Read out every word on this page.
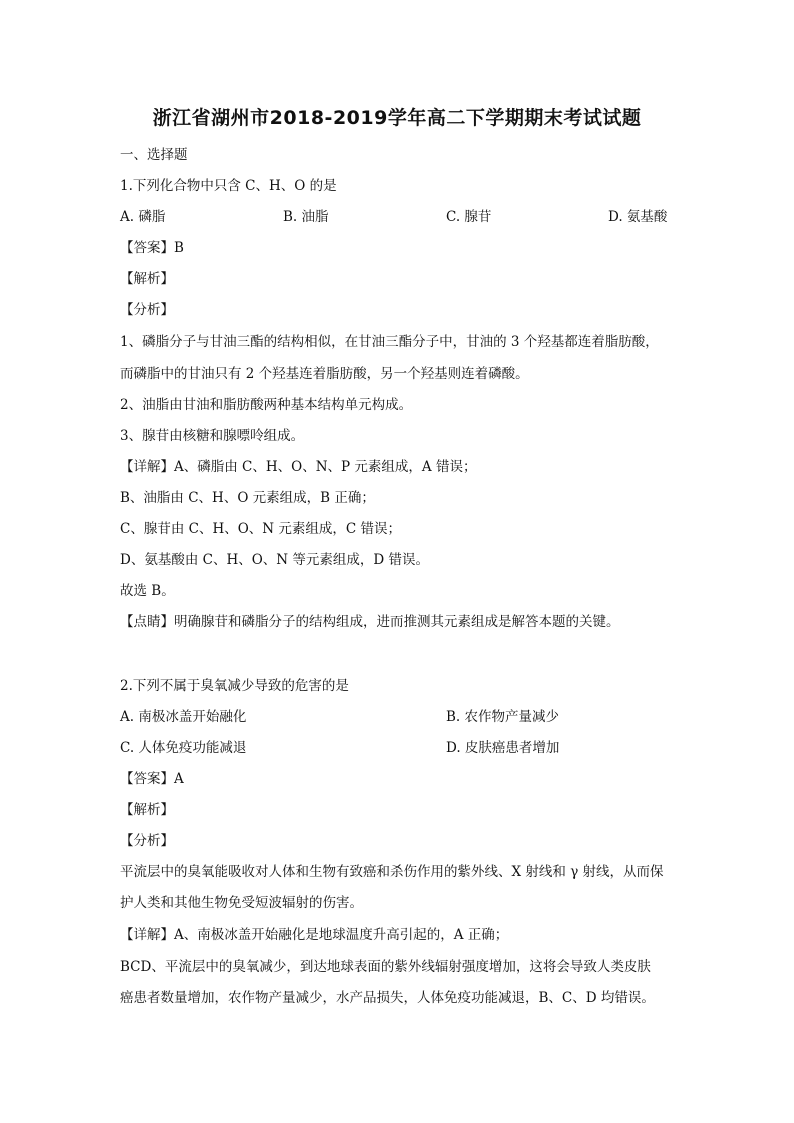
浙江省湖州市2018-2019学年高二下学期期末考试试题
一、选择题
1.下列化合物中只含 C、H、O 的是
A. 磷脂	B. 油脂	C. 腺苷	D. 氨基酸
【答案】B
【解析】
【分析】
1、磷脂分子与甘油三酯的结构相似，在甘油三酯分子中，甘油的 3 个羟基都连着脂肪酸，
而磷脂中的甘油只有 2 个羟基连着脂肪酸，另一个羟基则连着磷酸。
2、油脂由甘油和脂肪酸两种基本结构单元构成。
3、腺苷由核糖和腺嘌呤组成。
【详解】A、磷脂由 C、H、O、N、P 元素组成，A 错误；
B、油脂由 C、H、O 元素组成，B 正确；
C、腺苷由 C、H、O、N 元素组成，C 错误；
D、氨基酸由 C、H、O、N 等元素组成，D 错误。
故选 B。
【点睛】明确腺苷和磷脂分子的结构组成，进而推测其元素组成是解答本题的关键。
2.下列不属于臭氧减少导致的危害的是
A. 南极冰盖开始融化	B. 农作物产量减少
C. 人体免疫功能减退	D. 皮肤癌患者增加
【答案】A
【解析】
【分析】
平流层中的臭氧能吸收对人体和生物有致癌和杀伤作用的紫外线、X 射线和 γ 射线，从而保
护人类和其他生物免受短波辐射的伤害。
【详解】A、南极冰盖开始融化是地球温度升高引起的，A 正确；
BCD、平流层中的臭氧减少，到达地球表面的紫外线辐射强度增加，这将会导致人类皮肤
癌患者数量增加，农作物产量减少，水产品损失，人体免疫功能减退，B、C、D 均错误。
